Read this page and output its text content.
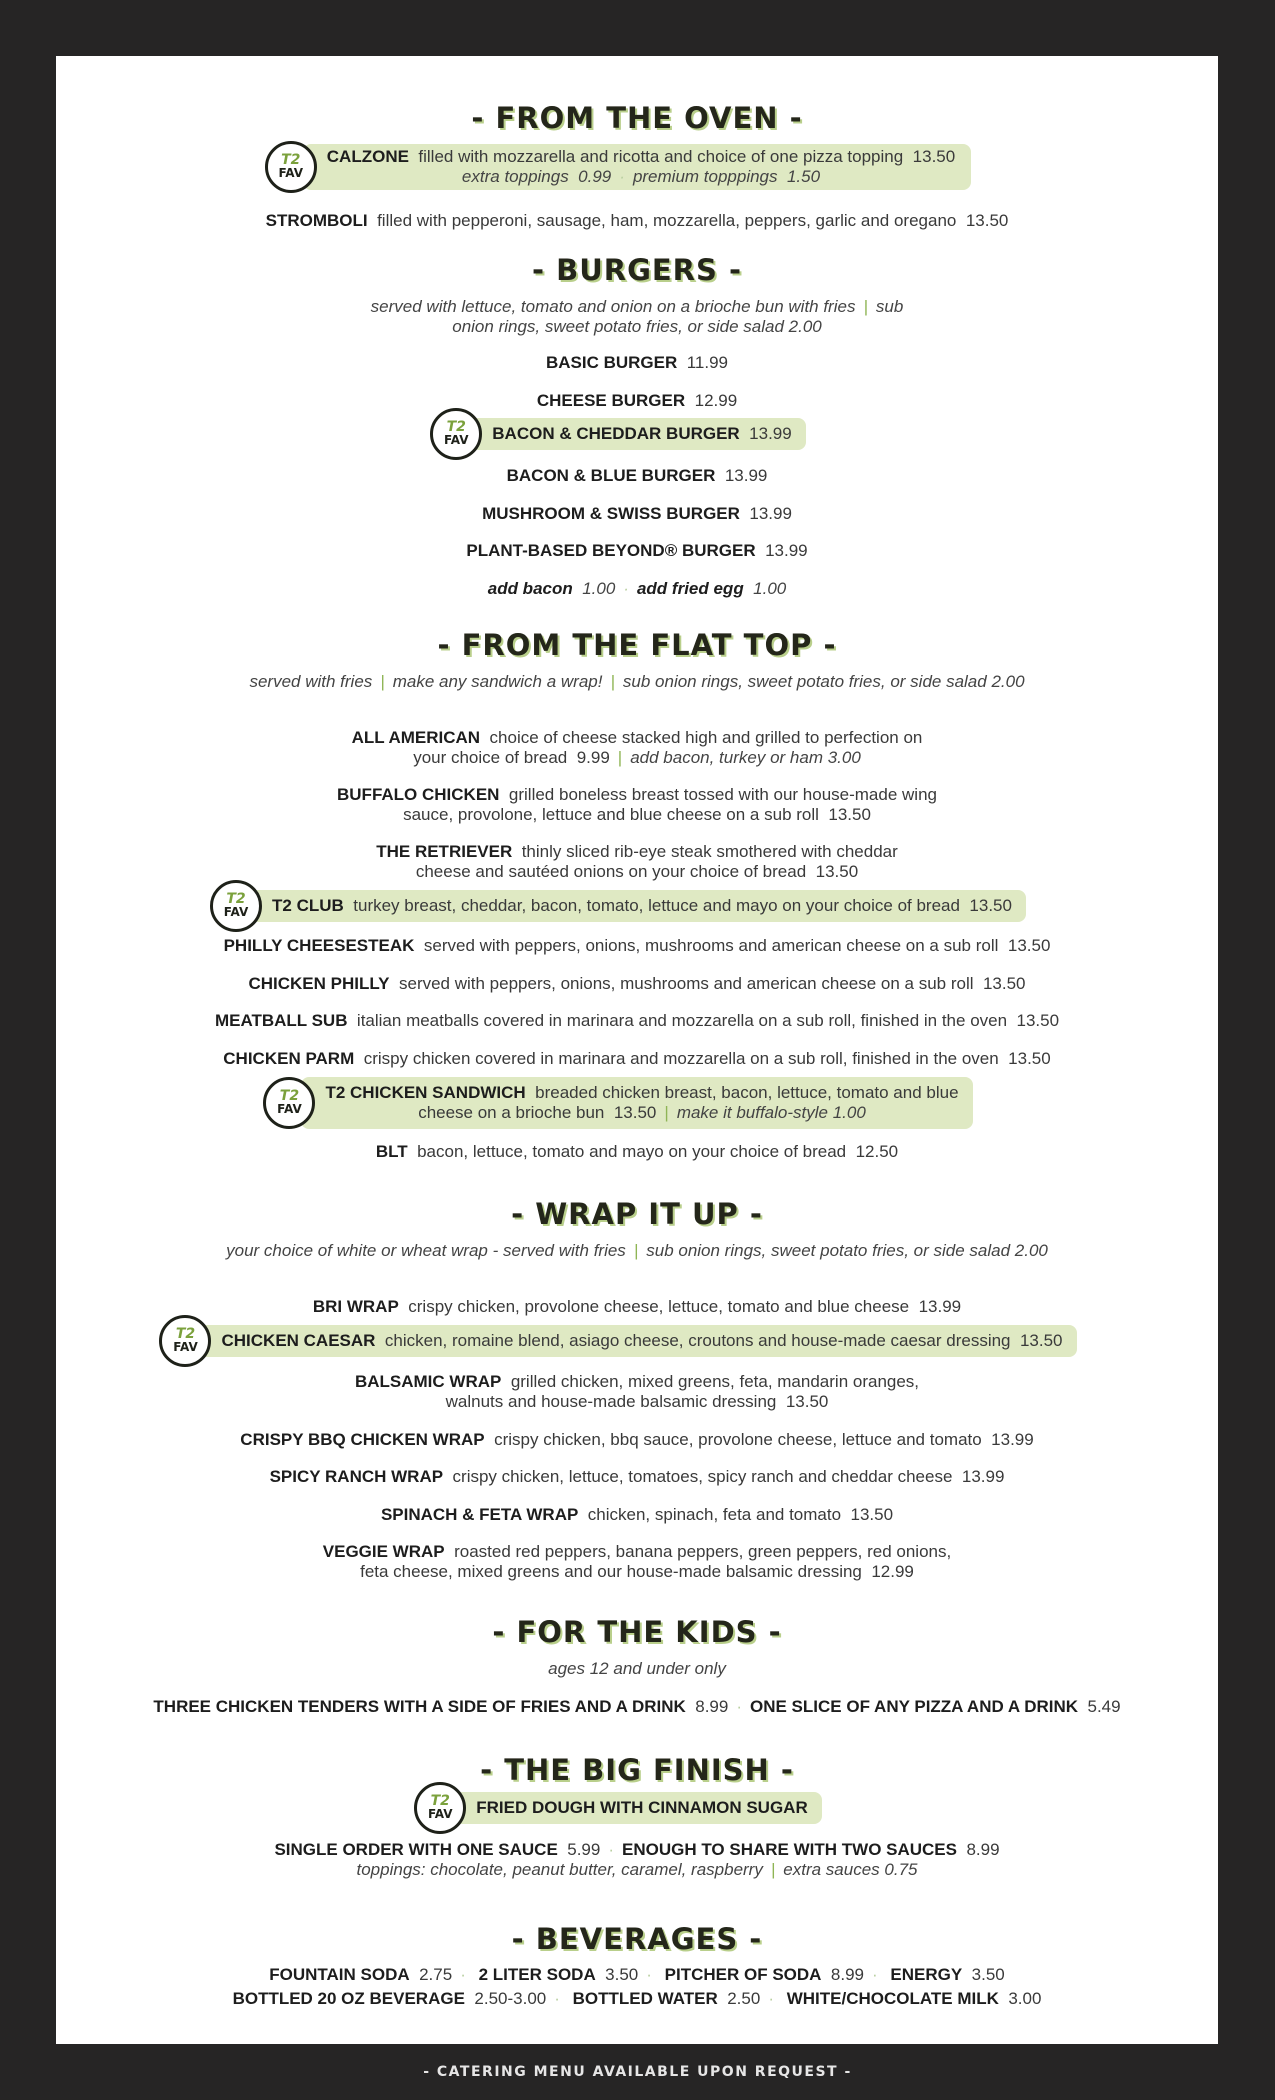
- FROM THE OVEN -
T2
FAV
CALZONE filled with mozzarella and ricotta and choice of one pizza topping 13.50
extra toppings 0.99 · premium topppings 1.50
STROMBOLI filled with pepperoni, sausage, ham, mozzarella, peppers, garlic and oregano 13.50
- BURGERS -
served with lettuce, tomato and onion on a brioche bun with fries | sub
onion rings, sweet potato fries, or side salad 2.00
BASIC BURGER 11.99
CHEESE BURGER 12.99
T2
FAV BACON & CHEDDAR BURGER 13.99
BACON & BLUE BURGER 13.99
MUSHROOM & SWISS BURGER 13.99
PLANT-BASED BEYOND® BURGER 13.99
add bacon 1.00 · add fried egg 1.00
- FROM THE FLAT TOP -
served with fries | make any sandwich a wrap! | sub onion rings, sweet potato fries, or side salad 2.00
ALL AMERICAN choice of cheese stacked high and grilled to perfection on
your choice of bread 9.99 | add bacon, turkey or ham 3.00
BUFFALO CHICKEN grilled boneless breast tossed with our house-made wing
sauce, provolone, lettuce and blue cheese on a sub roll 13.50
THE RETRIEVER thinly sliced rib-eye steak smothered with cheddar
cheese and sautéed onions on your choice of bread 13.50
T2
FAV T2 CLUB turkey breast, cheddar, bacon, tomato, lettuce and mayo on your choice of bread 13.50
PHILLY CHEESESTEAK served with peppers, onions, mushrooms and american cheese on a sub roll 13.50
CHICKEN PHILLY served with peppers, onions, mushrooms and american cheese on a sub roll 13.50
MEATBALL SUB italian meatballs covered in marinara and mozzarella on a sub roll, finished in the oven 13.50
CHICKEN PARM crispy chicken covered in marinara and mozzarella on a sub roll, finished in the oven 13.50
T2
FAV
T2 CHICKEN SANDWICH breaded chicken breast, bacon, lettuce, tomato and blue
cheese on a brioche bun 13.50 | make it buffalo-style 1.00
BLT bacon, lettuce, tomato and mayo on your choice of bread 12.50
- WRAP IT UP -
your choice of white or wheat wrap - served with fries | sub onion rings, sweet potato fries, or side salad 2.00
BRI WRAP crispy chicken, provolone cheese, lettuce, tomato and blue cheese 13.99
T2
FAV CHICKEN CAESAR chicken, romaine blend, asiago cheese, croutons and house-made caesar dressing 13.50
BALSAMIC WRAP grilled chicken, mixed greens, feta, mandarin oranges,
walnuts and house-made balsamic dressing 13.50
CRISPY BBQ CHICKEN WRAP crispy chicken, bbq sauce, provolone cheese, lettuce and tomato 13.99
SPICY RANCH WRAP crispy chicken, lettuce, tomatoes, spicy ranch and cheddar cheese 13.99
SPINACH & FETA WRAP chicken, spinach, feta and tomato 13.50
VEGGIE WRAP roasted red peppers, banana peppers, green peppers, red onions,
feta cheese, mixed greens and our house-made balsamic dressing 12.99
- FOR THE KIDS -
ages 12 and under only
THREE CHICKEN TENDERS WITH A SIDE OF FRIES AND A DRINK 8.99 · ONE SLICE OF ANY PIZZA AND A DRINK 5.49
- THE BIG FINISH -
T2
FAV FRIED DOUGH WITH CINNAMON SUGAR
SINGLE ORDER WITH ONE SAUCE 5.99 · ENOUGH TO SHARE WITH TWO SAUCES 8.99
toppings: chocolate, peanut butter, caramel, raspberry | extra sauces 0.75
- BEVERAGES -
FOUNTAIN SODA 2.75 · 2 LITER SODA 3.50 · PITCHER OF SODA 8.99 · ENERGY 3.50
BOTTLED 20 OZ BEVERAGE 2.50-3.00 · BOTTLED WATER 2.50 · WHITE/CHOCOLATE MILK 3.00
- CATERING MENU AVAILABLE UPON REQUEST -
